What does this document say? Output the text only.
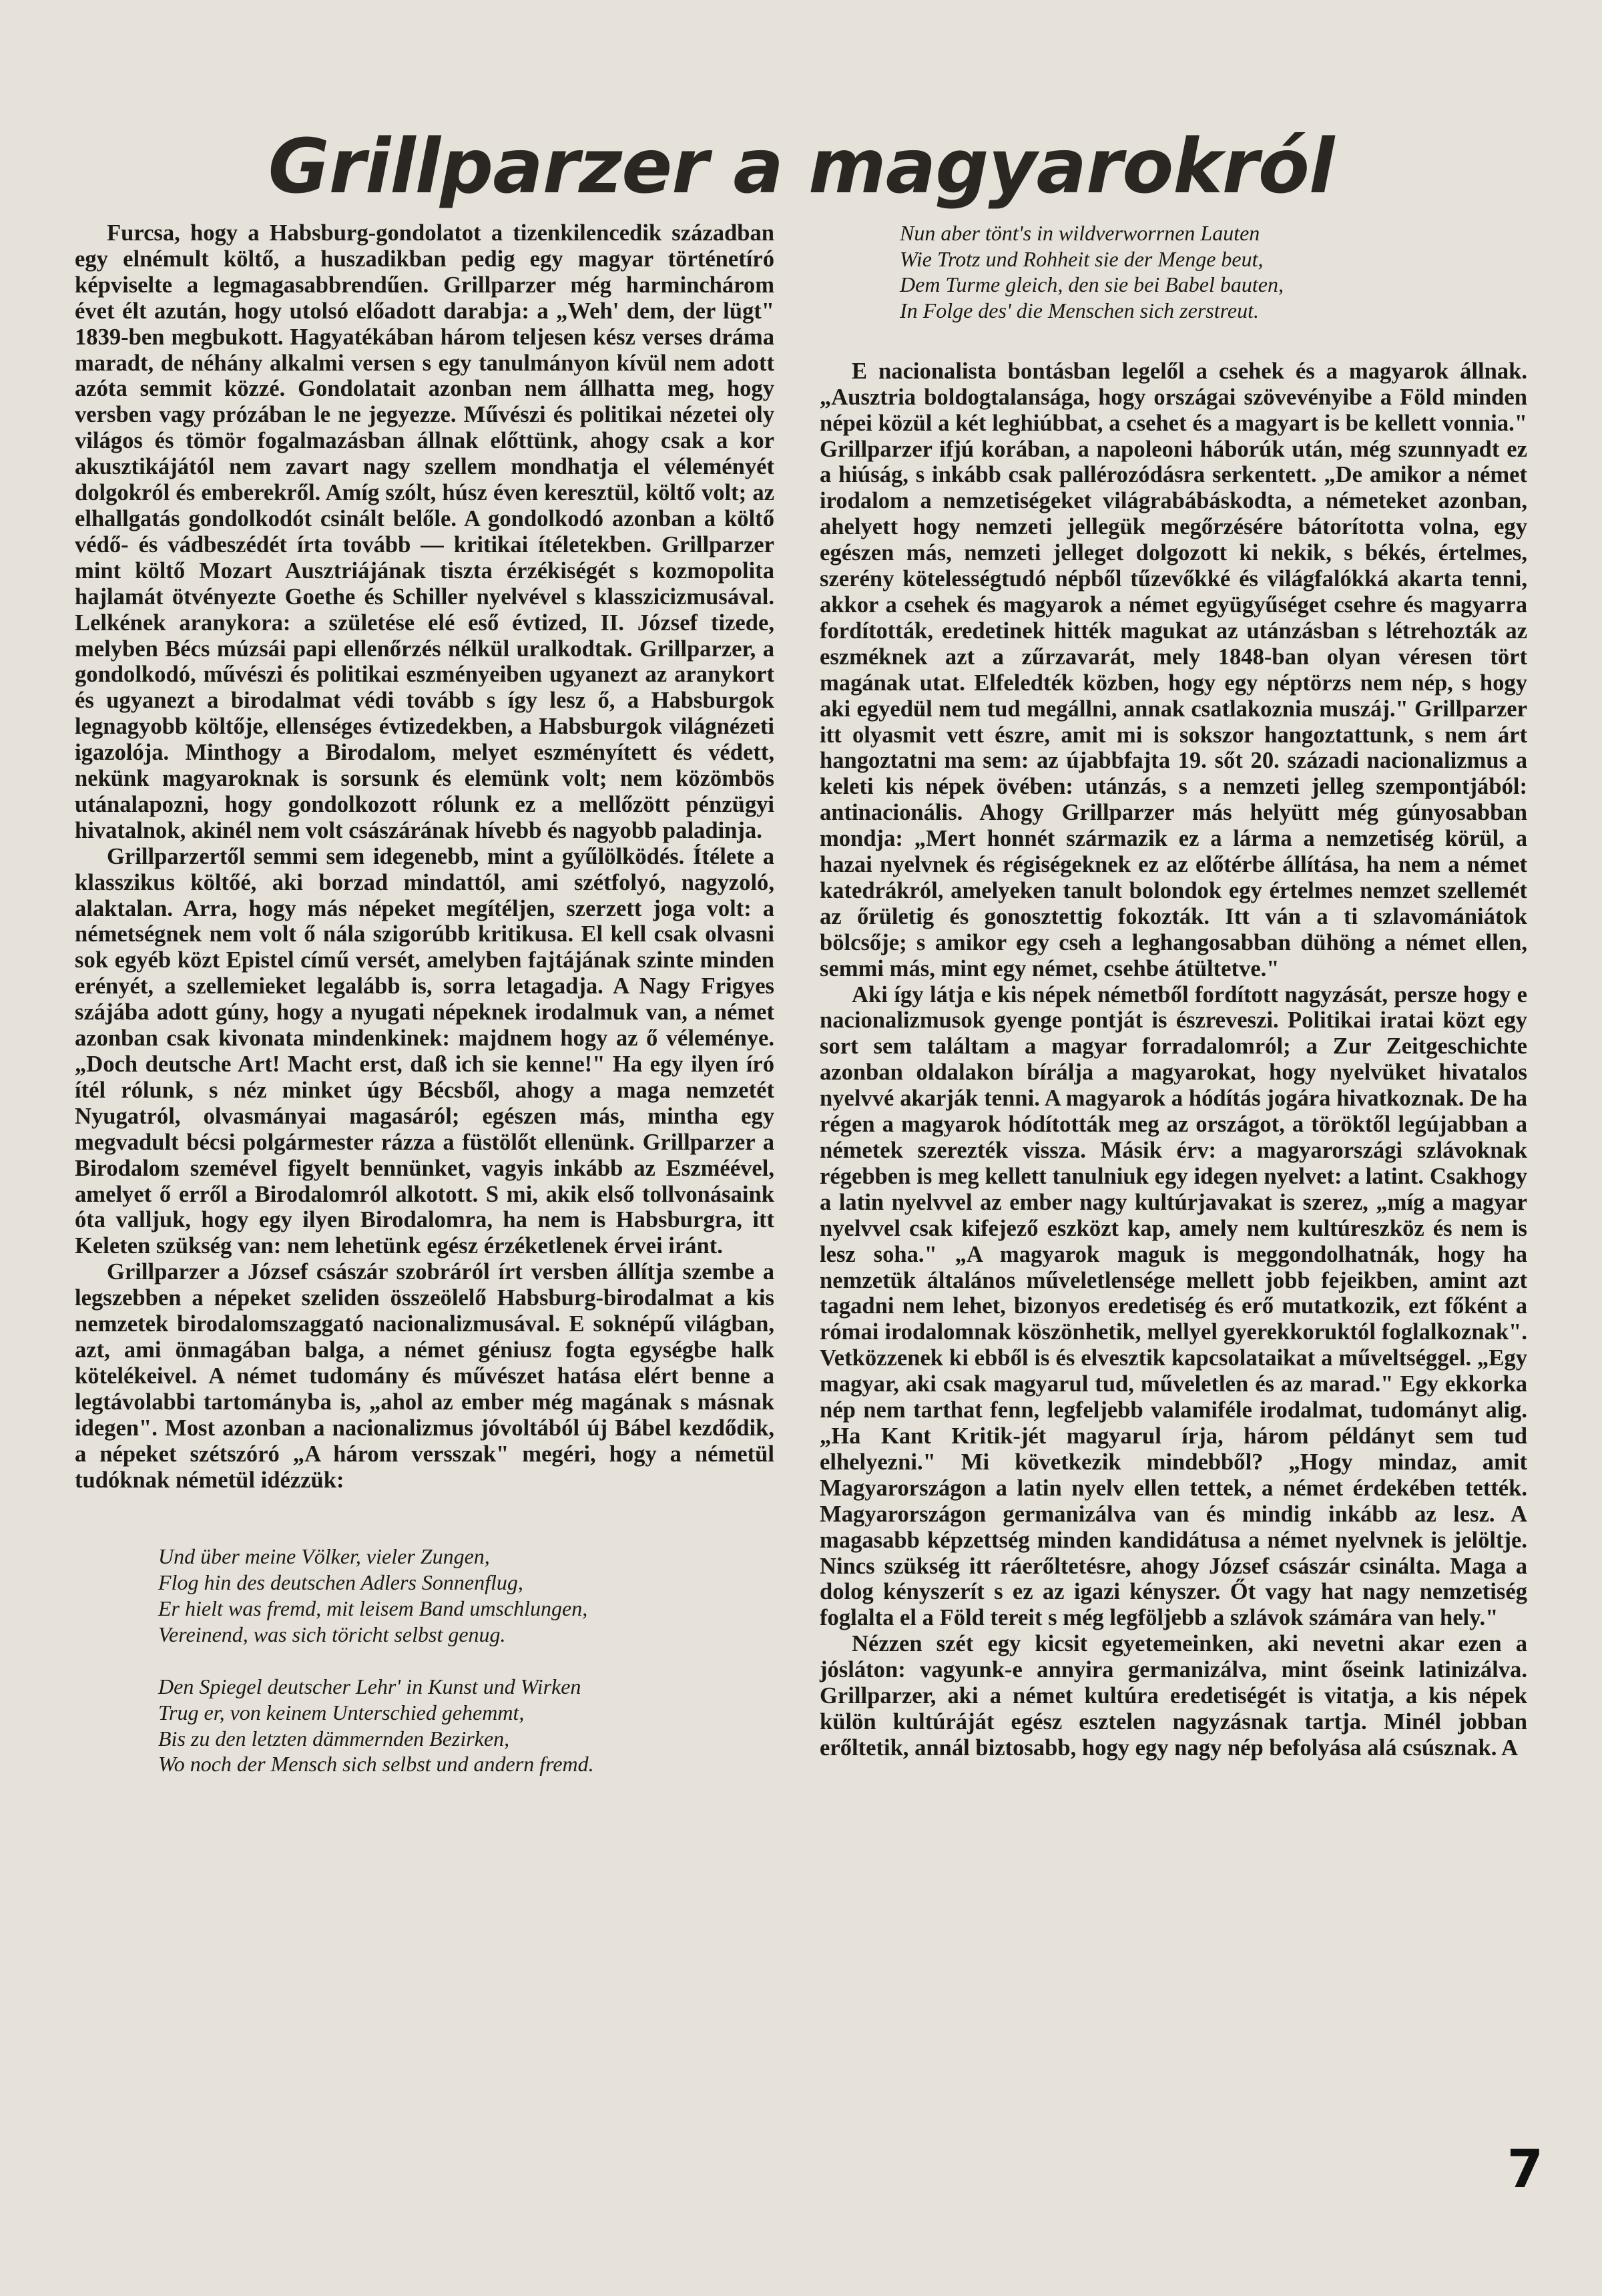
Grillparzer a magyarokról

Furcsa, hogy a Habsburg-gondolatot a tizenkilencedik században egy elnémult költő, a huszadikban pedig egy magyar történetíró képviselte a legmagasabbrendűen. Grillparzer még harminchárom évet élt azután, hogy utolsó előadott darabja: a „Weh' dem, der lügt" 1839-ben megbukott. Hagyatékában három teljesen kész verses dráma maradt, de néhány alkalmi versen s egy tanulmányon kívül nem adott azóta semmit közzé. Gondolatait azonban nem állhatta meg, hogy versben vagy prózában le ne jegyezze. Művészi és politikai nézetei oly világos és tömör fogalmazásban állnak előttünk, ahogy csak a kor akusztikájától nem zavart nagy szellem mondhatja el véleményét dolgokról és emberekről. Amíg szólt, húsz éven keresztül, költő volt; az elhallgatás gondolkodót csinált belőle. A gondolkodó azonban a költő védő- és vádbeszédét írta tovább — kritikai ítéletekben. Grillparzer mint költő Mozart Ausztriájának tiszta érzékiségét s kozmopolita hajlamát ötvényezte Goethe és Schiller nyelvével s klasszicizmusával. Lelkének aranykora: a születése elé eső évtized, II. József tizede, melyben Bécs múzsái papi ellenőrzés nélkül uralkodtak. Grillparzer, a gondolkodó, művészi és politikai eszményeiben ugyanezt az aranykort és ugyanezt a birodalmat védi tovább s így lesz ő, a Habsburgok legnagyobb költője, ellenséges évtizedekben, a Habsburgok világnézeti igazolója. Minthogy a Birodalom, melyet eszményített és védett, nekünk magyaroknak is sorsunk és elemünk volt; nem közömbös utánalapozni, hogy gondolkozott rólunk ez a mellőzött pénzügyi hivatalnok, akinél nem volt császárának hívebb és nagyobb paladinja.

Grillparzertől semmi sem idegenebb, mint a gyűlölködés. Ítélete a klasszikus költőé, aki borzad mindattól, ami szétfolyó, nagyzoló, alaktalan. Arra, hogy más népeket megítéljen, szerzett joga volt: a németségnek nem volt ő nála szigorúbb kritikusa. El kell csak olvasni sok egyéb közt Epistel című versét, amelyben fajtájának szinte minden erényét, a szellemieket legalább is, sorra letagadja. A Nagy Frigyes szájába adott gúny, hogy a nyugati népeknek irodalmuk van, a német azonban csak kivonata mindenkinek: majdnem hogy az ő véleménye. „Doch deutsche Art! Macht erst, daß ich sie kenne!" Ha egy ilyen író ítél rólunk, s néz minket úgy Bécsből, ahogy a maga nemzetét Nyugatról, olvasmányai magasáról; egészen más, mintha egy megvadult bécsi polgármester rázza a füstölőt ellenünk. Grillparzer a Birodalom szemével figyelt bennünket, vagyis inkább az Eszméével, amelyet ő erről a Birodalomról alkotott. S mi, akik első tollvonásaink óta valljuk, hogy egy ilyen Birodalomra, ha nem is Habsburgra, itt Keleten szükség van: nem lehetünk egész érzéketlenek érvei iránt.

Grillparzer a József császár szobráról írt versben állítja szembe a legszebben a népeket szeliden összeölelő Habsburg-birodalmat a kis nemzetek birodalomszaggató nacionalizmusával. E soknépű világban, azt, ami önmagában balga, a német géniusz fogta egységbe halk kötelékeivel. A német tudomány és művészet hatása elért benne a legtávolabbi tartományba is, „ahol az ember még magának s másnak idegen". Most azonban a nacionalizmus jóvoltából új Bábel kezdődik, a népeket szétszóró „A három versszak" megéri, hogy a németül tudóknak németül idézzük:

Und über meine Völker, vieler Zungen,
Flog hin des deutschen Adlers Sonnenflug,
Er hielt was fremd, mit leisem Band umschlungen,
Vereinend, was sich töricht selbst genug.
Den Spiegel deutscher Lehr' in Kunst und Wirken
Trug er, von keinem Unterschied gehemmt,
Bis zu den letzten dämmernden Bezirken,
Wo noch der Mensch sich selbst und andern fremd.
Nun aber tönt's in wildverworrnen Lauten
Wie Trotz und Rohheit sie der Menge beut,
Dem Turme gleich, den sie bei Babel bauten,
In Folge des' die Menschen sich zerstreut.

E nacionalista bontásban legelől a csehek és a magyarok állnak. „Ausztria boldogtalansága, hogy országai szövevényibe a Föld minden népei közül a két leghiúbbat, a csehet és a magyart is be kellett vonnia." Grillparzer ifjú korában, a napoleoni háborúk után, még szunnyadt ez a hiúság, s inkább csak pallérozódásra serkentett. „De amikor a német irodalom a nemzetiségeket világrabábáskodta, a németeket azonban, ahelyett hogy nemzeti jellegük megőrzésére bátorította volna, egy egészen más, nemzeti jelleget dolgozott ki nekik, s békés, értelmes, szerény kötelességtudó népből tűzevőkké és világfalókká akarta tenni, akkor a csehek és magyarok a német együgyűséget csehre és magyarra fordították, eredetinek hitték magukat az utánzásban s létrehozták az eszméknek azt a zűrzavarát, mely 1848-ban olyan véresen tört magának utat. Elfeledték közben, hogy egy néptörzs nem nép, s hogy aki egyedül nem tud megállni, annak csatlakoznia muszáj." Grillparzer itt olyasmit vett észre, amit mi is sokszor hangoztattunk, s nem árt hangoztatni ma sem: az újabbfajta 19. sőt 20. századi nacionalizmus a keleti kis népek övében: utánzás, s a nemzeti jelleg szempontjából: antinacionális. Ahogy Grillparzer más helyütt még gúnyosabban mondja: „Mert honnét származik ez a lárma a nemzetiség körül, a hazai nyelvnek és régiségeknek ez az előtérbe állítása, ha nem a német katedrákról, amelyeken tanult bolondok egy értelmes nemzet szellemét az őrületig és gonosztettig fokozták. Itt ván a ti szlavomániátok bölcsője; s amikor egy cseh a leghangosabban dühöng a német ellen, semmi más, mint egy német, csehbe átültetve."

Aki így látja e kis népek németből fordított nagyzását, persze hogy e nacionalizmusok gyenge pontját is észreveszi. Politikai iratai közt egy sort sem találtam a magyar forradalomról; a Zur Zeitgeschichte azonban oldalakon bírálja a magyarokat, hogy nyelvüket hivatalos nyelvvé akarják tenni. A magyarok a hódítás jogára hivatkoznak. De ha régen a magyarok hódították meg az országot, a töröktől legújabban a németek szerezték vissza. Másik érv: a magyarországi szlávoknak régebben is meg kellett tanulniuk egy idegen nyelvet: a latint. Csakhogy a latin nyelvvel az ember nagy kultúrjavakat is szerez, „míg a magyar nyelvvel csak kifejező eszközt kap, amely nem kultúreszköz és nem is lesz soha." „A magyarok maguk is meggondolhatnák, hogy ha nemzetük általános műveletlensége mellett jobb fejeikben, amint azt tagadni nem lehet, bizonyos eredetiség és erő mutatkozik, ezt főként a római irodalomnak köszönhetik, mellyel gyerekkoruktól foglalkoznak". Vetközzenek ki ebből is és elvesztik kapcsolataikat a műveltséggel. „Egy magyar, aki csak magyarul tud, műveletlen és az marad." Egy ekkorka nép nem tarthat fenn, legfeljebb valamiféle irodalmat, tudományt alig. „Ha Kant Kritik-jét magyarul írja, három példányt sem tud elhelyezni." Mi következik mindebből? „Hogy mindaz, amit Magyarországon a latin nyelv ellen tettek, a német érdekében tették. Magyarországon germanizálva van és mindig inkább az lesz. A magasabb képzettség minden kandidátusa a német nyelvnek is jelöltje. Nincs szükség itt ráerőltetésre, ahogy József császár csinálta. Maga a dolog kényszerít s ez az igazi kényszer. Őt vagy hat nagy nemzetiség foglalta el a Föld tereit s még legföljebb a szlávok számára van hely."

Nézzen szét egy kicsit egyetemeinken, aki nevetni akar ezen a jósláton: vagyunk-e annyira germanizálva, mint őseink latinizálva. Grillparzer, aki a német kultúra eredetiségét is vitatja, a kis népek külön kultúráját egész esztelen nagyzásnak tartja. Minél jobban erőltetik, annál biztosabb, hogy egy nagy nép befolyása alá csúsznak. A

7
